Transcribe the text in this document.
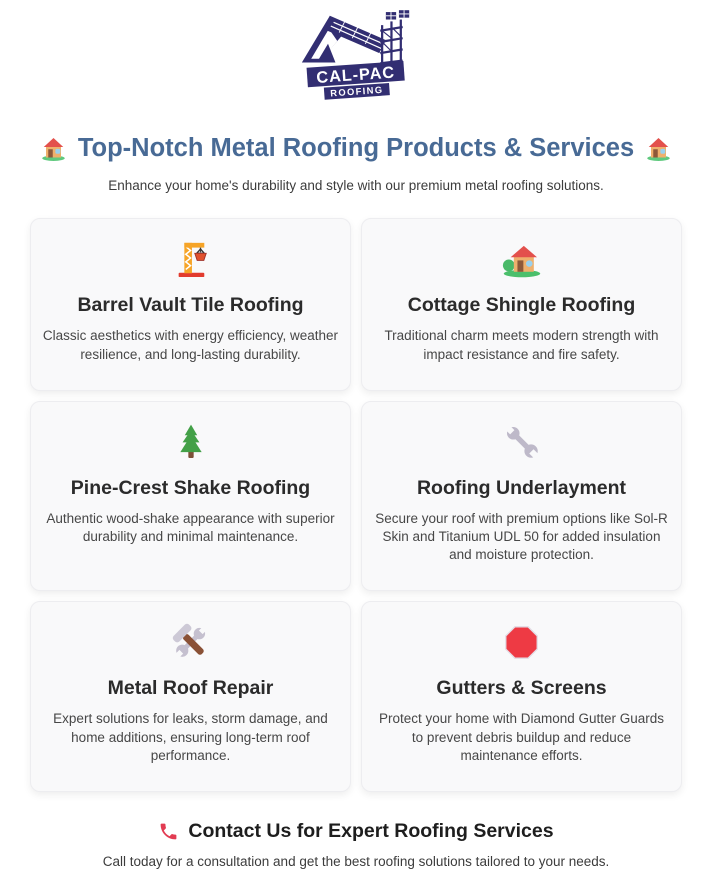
CAL-PAC
ROOFING
Top-Notch Metal Roofing Products & Services

Enhance your home's durability and style with our premium metal roofing solutions.

Barrel Vault Tile Roofing

Classic aesthetics with energy efficiency, weather resilience, and long-lasting durability.

Cottage Shingle Roofing

Traditional charm meets modern strength with impact resistance and fire safety.

Pine-Crest Shake Roofing

Authentic wood-shake appearance with superior durability and minimal maintenance.

Roofing Underlayment

Secure your roof with premium options like Sol-R Skin and Titanium UDL 50 for added insulation and moisture protection.

Metal Roof Repair

Expert solutions for leaks, storm damage, and home additions, ensuring long-term roof performance.

Gutters & Screens

Protect your home with Diamond Gutter Guards to prevent debris buildup and reduce maintenance efforts.

Contact Us for Expert Roofing Services

Call today for a consultation and get the best roofing solutions tailored to your needs.
